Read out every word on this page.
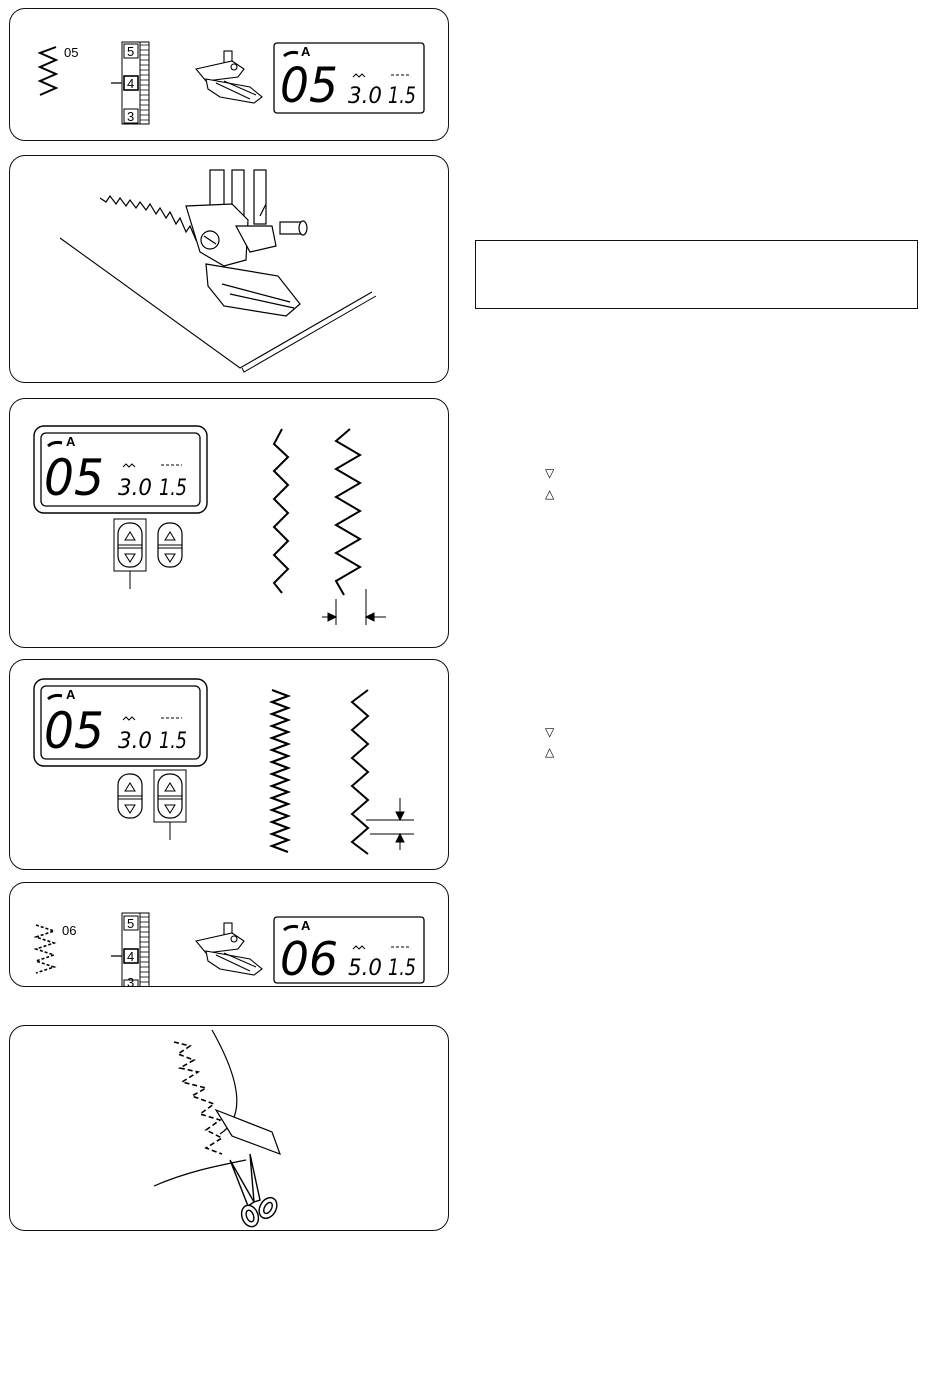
05	5
4
3
A
05 3.0 1.5
A
05 3.0 1.5
A
05 3.0 1.5
06	5
4
3
A
06 5.0 1.5
▽
△
▽
△
